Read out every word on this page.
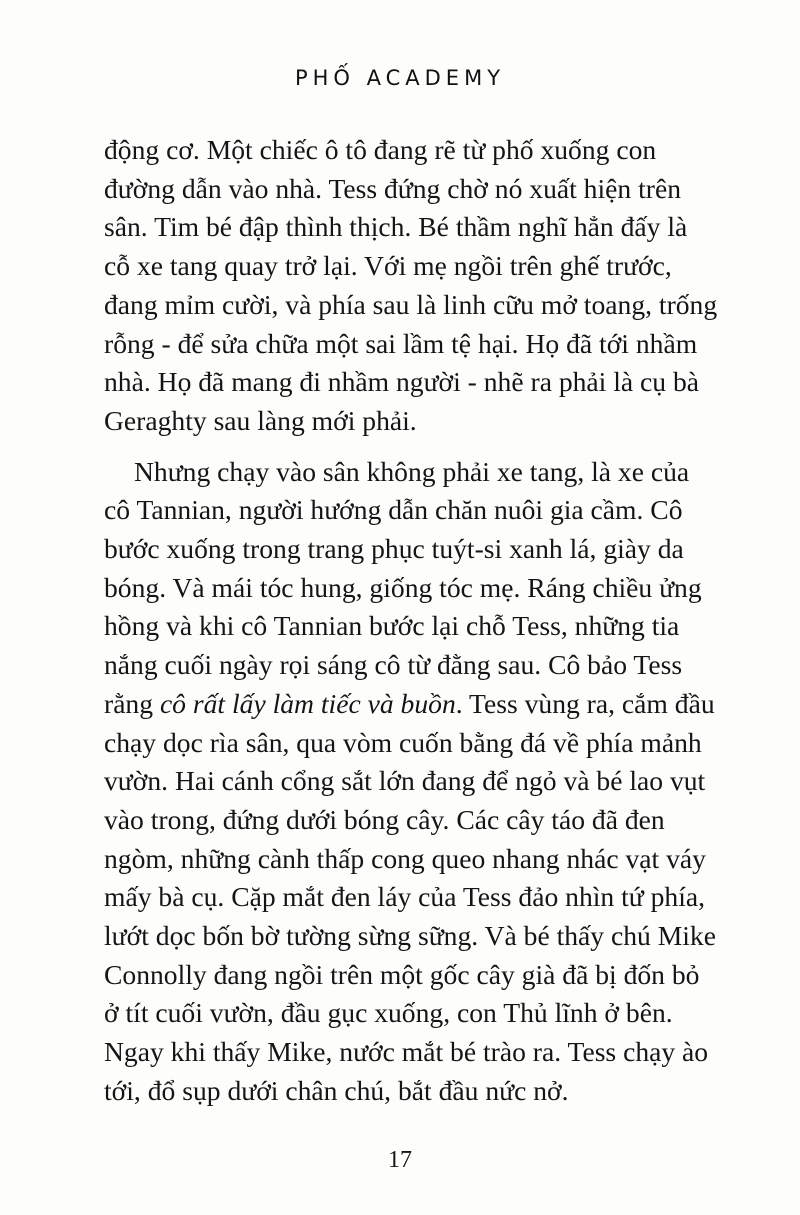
PHỐ ACADEMY

động cơ. Một chiếc ô tô đang rẽ từ phố xuống con
đường dẫn vào nhà. Tess đứng chờ nó xuất hiện trên
sân. Tim bé đập thình thịch. Bé thầm nghĩ hẳn đấy là
cỗ xe tang quay trở lại. Với mẹ ngồi trên ghế trước,
đang mỉm cười, và phía sau là linh cữu mở toang, trống
rỗng - để sửa chữa một sai lầm tệ hại. Họ đã tới nhầm
nhà. Họ đã mang đi nhầm người - nhẽ ra phải là cụ bà
Geraghty sau làng mới phải.

Nhưng chạy vào sân không phải xe tang, là xe của
cô Tannian, người hướng dẫn chăn nuôi gia cầm. Cô
bước xuống trong trang phục tuýt-si xanh lá, giày da
bóng. Và mái tóc hung, giống tóc mẹ. Ráng chiều ửng
hồng và khi cô Tannian bước lại chỗ Tess, những tia
nắng cuối ngày rọi sáng cô từ đằng sau. Cô bảo Tess
rằng cô rất lấy làm tiếc và buồn. Tess vùng ra, cắm đầu
chạy dọc rìa sân, qua vòm cuốn bằng đá về phía mảnh
vườn. Hai cánh cổng sắt lớn đang để ngỏ và bé lao vụt
vào trong, đứng dưới bóng cây. Các cây táo đã đen
ngòm, những cành thấp cong queo nhang nhác vạt váy
mấy bà cụ. Cặp mắt đen láy của Tess đảo nhìn tứ phía,
lướt dọc bốn bờ tường sừng sững. Và bé thấy chú Mike
Connolly đang ngồi trên một gốc cây già đã bị đốn bỏ
ở tít cuối vườn, đầu gục xuống, con Thủ lĩnh ở bên.
Ngay khi thấy Mike, nước mắt bé trào ra. Tess chạy ào
tới, đổ sụp dưới chân chú, bắt đầu nức nở.

17
